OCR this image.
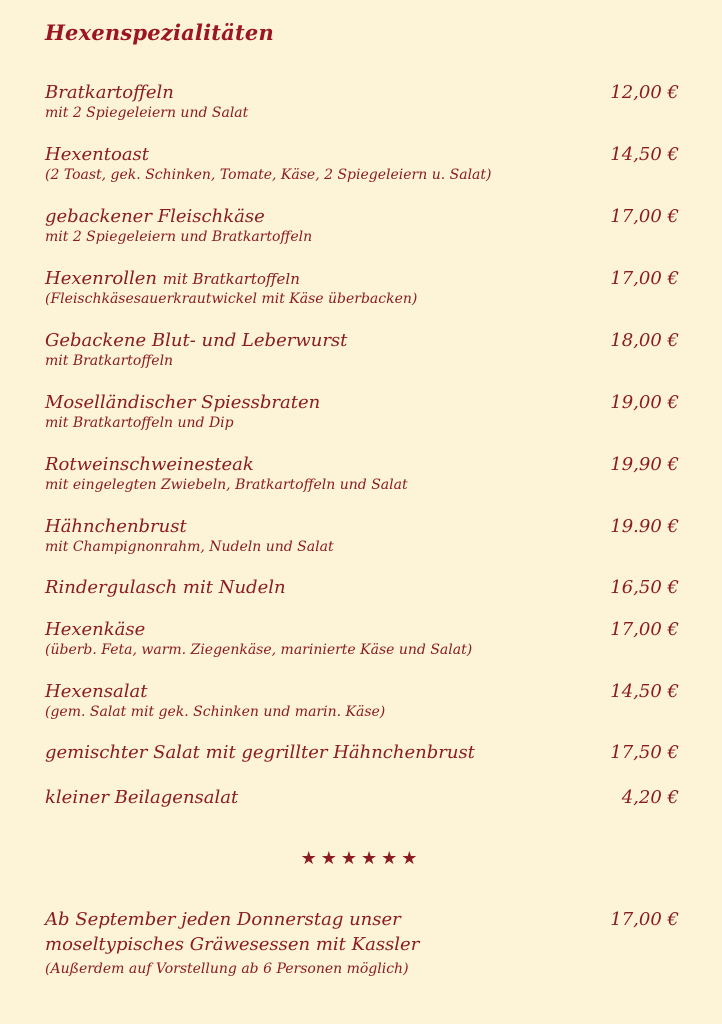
Hexenspezialitäten
Bratkartoffeln	12,00 €
mit 2 Spiegeleiern und Salat
Hexentoast	14,50 €
(2 Toast, gek. Schinken, Tomate, Käse, 2 Spiegeleiern u. Salat)
gebackener Fleischkäse	17,00 €
mit 2 Spiegeleiern und Bratkartoffeln
Hexenrollen mit Bratkartoffeln	17,00 €
(Fleischkäsesauerkrautwickel mit Käse überbacken)
Gebackene Blut- und Leberwurst	18,00 €
mit Bratkartoffeln
Moselländischer Spiessbraten	19,00 €
mit Bratkartoffeln und Dip
Rotweinschweinesteak	19,90 €
mit eingelegten Zwiebeln, Bratkartoffeln und Salat
Hähnchenbrust	19.90 €
mit Champignonrahm, Nudeln und Salat
Rindergulasch mit Nudeln	16,50 €
Hexenkäse	17,00 €
(überb. Feta, warm. Ziegenkäse, marinierte Käse und Salat)
Hexensalat	14,50 €
(gem. Salat mit gek. Schinken und marin. Käse)
gemischter Salat mit gegrillter Hähnchenbrust	17,50 €
kleiner Beilagensalat	4,20 €
★★★★★★
Ab September jeden Donnerstag unser	17,00 €
moseltypisches Gräwesessen mit Kassler
(Außerdem auf Vorstellung ab 6 Personen möglich)
